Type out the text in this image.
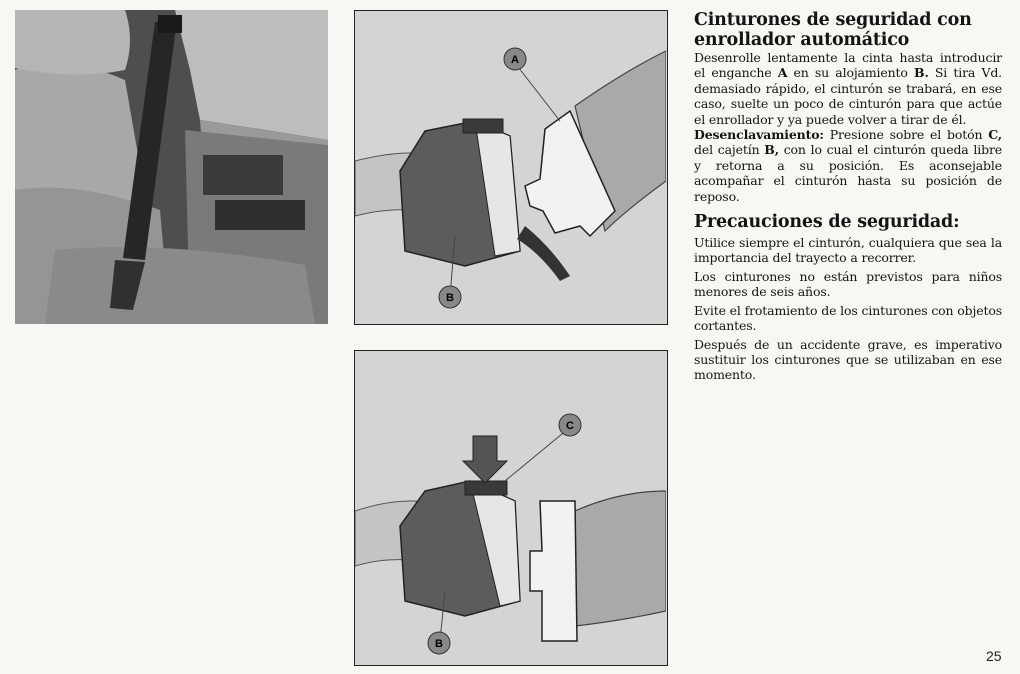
A
B
C
B
Cinturones de seguridad con
enrollador automático

Desenrolle lentamente la cinta hasta introducir el enganche A en su alojamiento B. Si tira Vd. demasiado rápido, el cinturón se trabará, en ese caso, suelte un poco de cinturón para que actúe el enrollador y ya puede volver a tirar de él.

Desenclavamiento: Presione sobre el botón C, del cajetín B, con lo cual el cinturón queda libre y retorna a su posición. Es aconsejable acompañar el cinturón hasta su posición de reposo.

Precauciones de seguridad:

Utilice siempre el cinturón, cualquiera que sea la importancia del trayecto a recorrer.

Los cinturones no están previstos para niños menores de seis años.

Evite el frotamiento de los cinturones con objetos cortantes.

Después de un accidente grave, es imperativo sustituir los cinturones que se utilizaban en ese momento.

25
